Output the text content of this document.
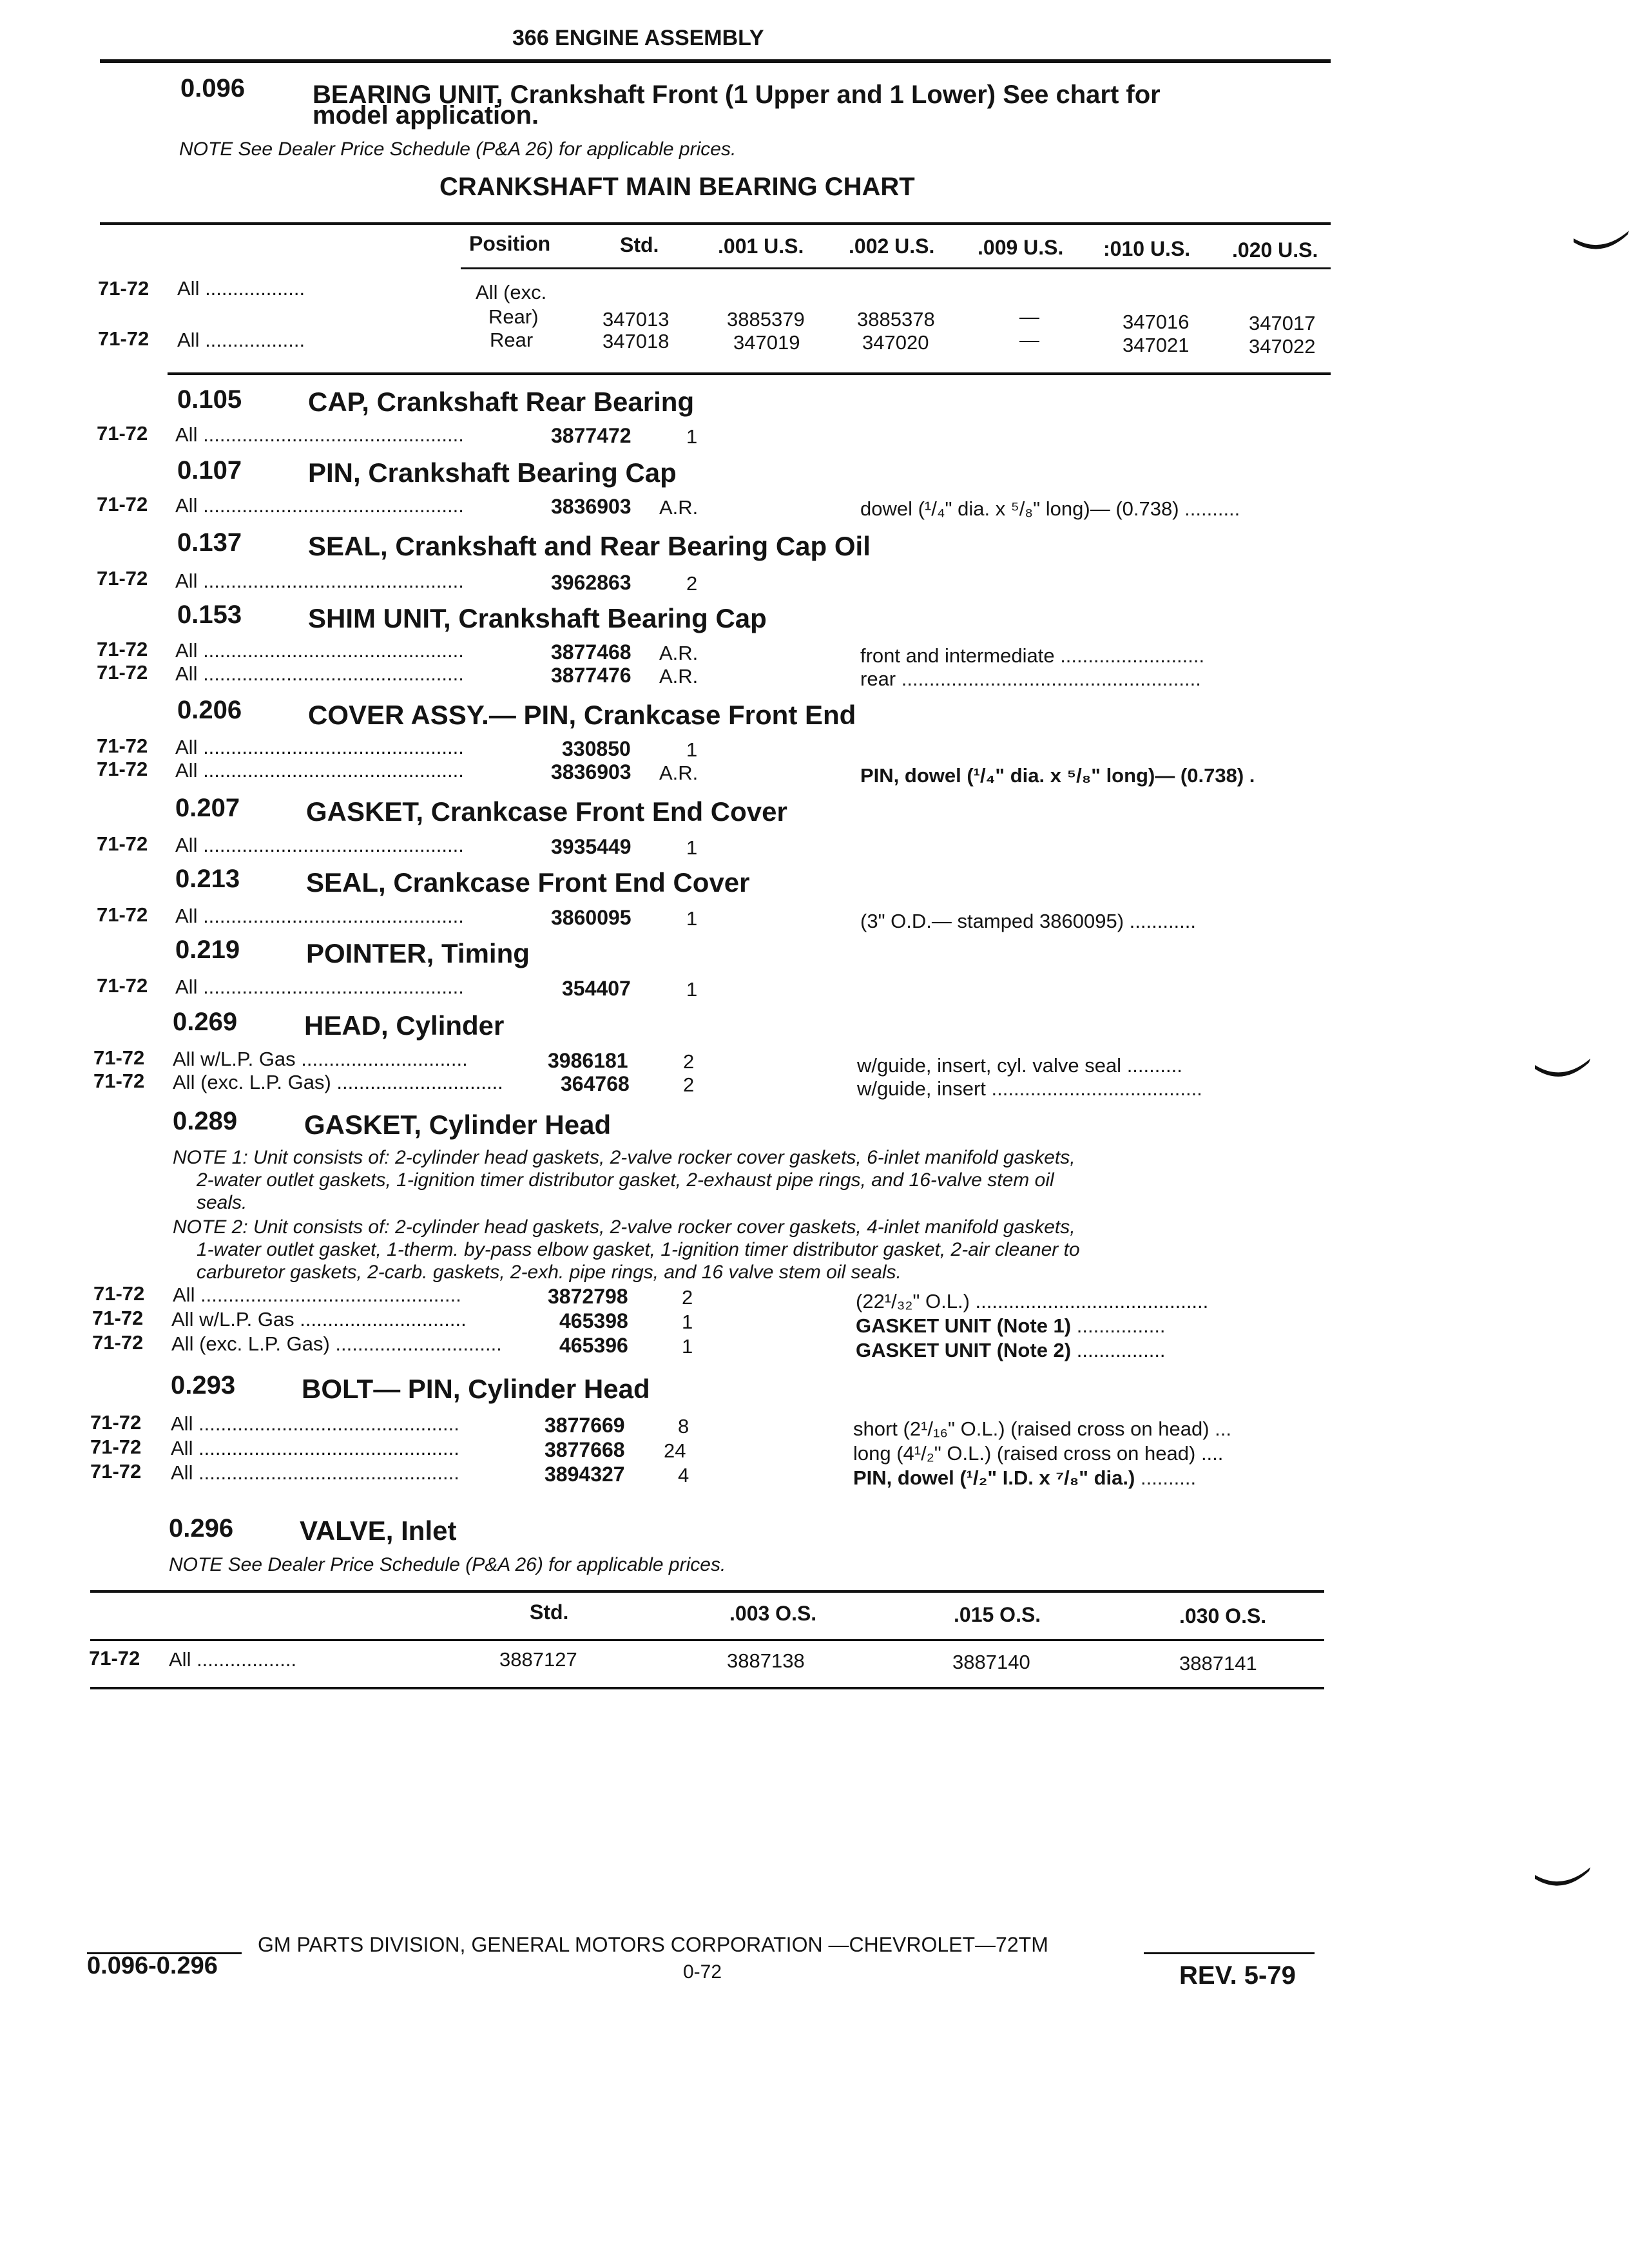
366 ENGINE ASSEMBLY
0.096	BEARING UNIT, Crankshaft Front (1 Upper and 1 Lower) See chart for
model application.
NOTE See Dealer Price Schedule (P&A 26) for applicable prices.
CRANKSHAFT MAIN BEARING CHART
Position	Std.	.001 U.S. .002 U.S. .009 U.S. :010 U.S. .020 U.S.
71-72 All ..................	All (exc.
Rear)	347013	3885379	3885378	—	347016	347017
71-72 All ..................	Rear	347018	347019	347020	—	347021	347022
0.105 CAP, Crankshaft Rear Bearing
71-72 All ...............................................	3877472	1
0.107 PIN, Crankshaft Bearing Cap
71-72 All ...............................................	3836903 A.R.	dowel (¹/₄" dia. x ⁵/₈" long)— (0.738) ..........
0.137 SEAL, Crankshaft and Rear Bearing Cap Oil
71-72 All ...............................................	3962863	2
0.153 SHIM UNIT, Crankshaft Bearing Cap
71-72 All ...............................................	3877468 A.R.	front and intermediate ..........................
71-72 All ...............................................	3877476 A.R.	rear ......................................................
0.206 COVER ASSY.— PIN, Crankcase Front End
71-72 All ...............................................	330850	1
71-72 All ...............................................	3836903 A.R.	PIN, dowel (¹/₄" dia. x ⁵/₈" long)— (0.738) .
0.207 GASKET, Crankcase Front End Cover
71-72 All ...............................................	3935449	1
0.213 SEAL, Crankcase Front End Cover
71-72 All ...............................................	3860095	1	(3" O.D.— stamped 3860095) ............
0.219 POINTER, Timing
71-72 All ...............................................	354407	1
0.269 HEAD, Cylinder
71-72 All w/L.P. Gas ..............................	3986181	2	w/guide, insert, cyl. valve seal ..........
71-72 All (exc. L.P. Gas) ..............................	364768	2	w/guide, insert ......................................
0.289 GASKET, Cylinder Head
NOTE 1: Unit consists of: 2-cylinder head gaskets, 2-valve rocker cover gaskets, 6-inlet manifold gaskets,
2-water outlet gaskets, 1-ignition timer distributor gasket, 2-exhaust pipe rings, and 16-valve stem oil
seals.
NOTE 2: Unit consists of: 2-cylinder head gaskets, 2-valve rocker cover gaskets, 4-inlet manifold gaskets,
1-water outlet gasket, 1-therm. by-pass elbow gasket, 1-ignition timer distributor gasket, 2-air cleaner to
carburetor gaskets, 2-carb. gaskets, 2-exh. pipe rings, and 16 valve stem oil seals.
71-72 All ...............................................	3872798	2	(22¹/₃₂" O.L.) ..........................................
71-72 All w/L.P. Gas ..............................	465398	1	GASKET UNIT (Note 1) ................
71-72 All (exc. L.P. Gas) ..............................	465396	1	GASKET UNIT (Note 2) ................
0.293 BOLT— PIN, Cylinder Head
71-72 All ...............................................	3877669	8	short (2¹/₁₆" O.L.) (raised cross on head) ...
71-72 All ...............................................	3877668 24	long (4¹/₂" O.L.) (raised cross on head) ....
71-72 All ...............................................	3894327	4	PIN, dowel (¹/₂" I.D. x ⁷/₈" dia.) ..........
0.296 VALVE, Inlet
NOTE See Dealer Price Schedule (P&A 26) for applicable prices.
Std.	.003 O.S.	.015 O.S.	.030 O.S.
71-72 All ..................	3887127	3887138	3887140	3887141
GM PARTS DIVISION, GENERAL MOTORS CORPORATION —CHEVROLET—72TM
0.096-0.296	0-72	REV. 5-79
